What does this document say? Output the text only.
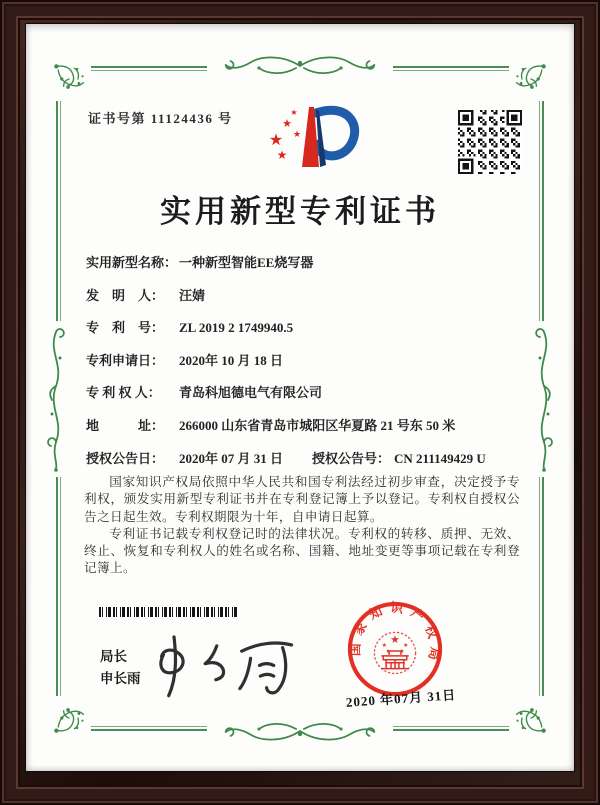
证书号第 11124436 号
★
★
★
★
★
实用新型专利证书
实用新型名称： 一种新型智能EE烧写器
发　明　人： 汪婧
专　利　号： ZL 2019 2 1749940.5
专利申请日： 2020年 10 月 18 日
专 利 权 人： 青岛科旭德电气有限公司
地　　　址： 266000 山东省青岛市城阳区华夏路 21 号东 50 米
授权公告日： 2020年 07 月 31 日 授权公告号： CN 211149429 U

国家知识产权局依照中华人民共和国专利法经过初步审查，决定授予专利权，颁发实用新型专利证书并在专利登记簿上予以登记。专利权自授权公告之日起生效。专利权期限为十年，自申请日起算。

专利证书记载专利权登记时的法律状况。专利权的转移、质押、无效、终止、恢复和专利权人的姓名或名称、国籍、地址变更等事项记载在专利登记簿上。

局长
申长雨
国家知识产权局
★
★	★
★ ★
2020 年07月 31日
